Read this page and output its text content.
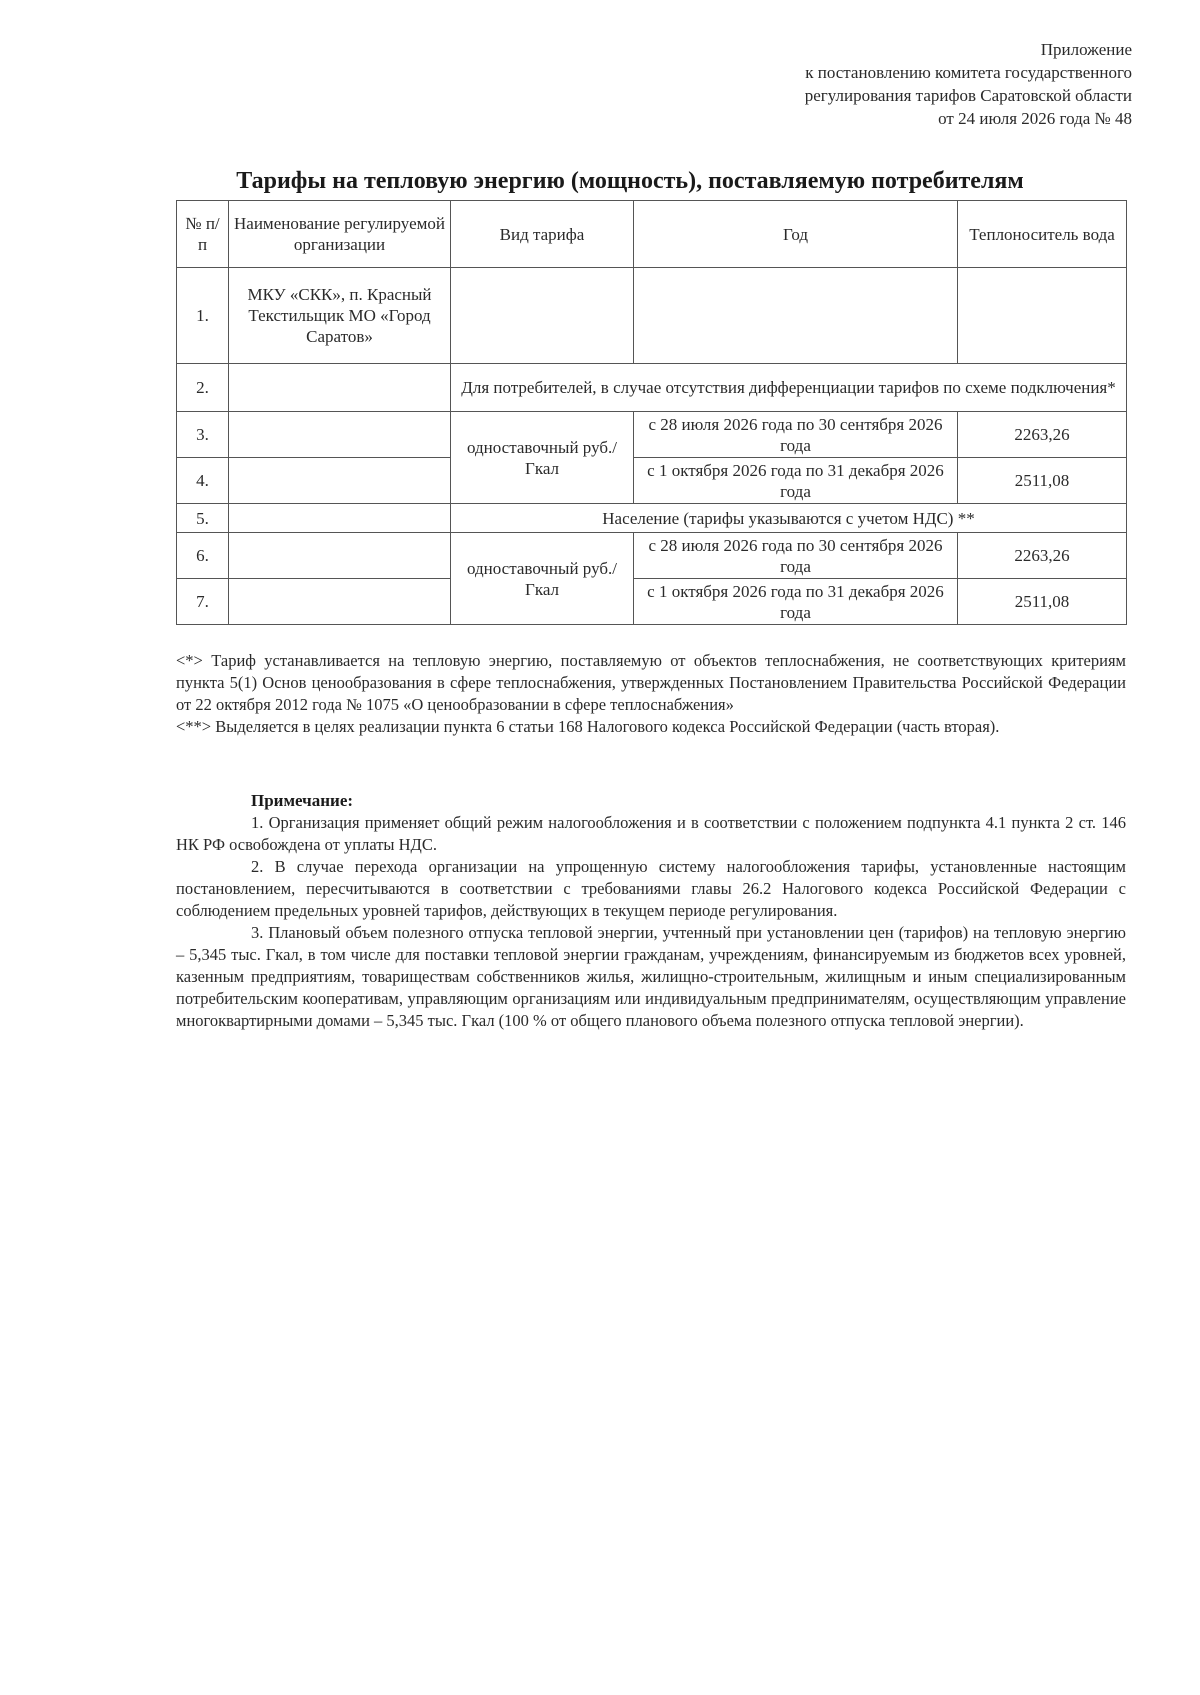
Приложение
к постановлению комитета государственного
регулирования тарифов Саратовской области
от 24 июля 2026 года № 48
Тарифы на тепловую энергию (мощность), поставляемую потребителям
№ п/п	Наименование регулируемой организации	Вид тарифа	Год	Теплоноситель вода
1.	МКУ «СКК», п. Красный Текстильщик МО «Город Саратов»			
2.		Для потребителей, в случае отсутствия дифференциации тарифов по схеме подключения*		
3.		одноставочный руб./Гкал	с 28 июля 2026 года по 30 сентября 2026 года	2263,26
4.			с 1 октября 2026 года по 31 декабря 2026 года	2511,08
5.		Население (тарифы указываются с учетом НДС) **		
6.		одноставочный руб./Гкал	с 28 июля 2026 года по 30 сентября 2026 года	2263,26
7.			с 1 октября 2026 года по 31 декабря 2026 года	2511,08

<*> Тариф устанавливается на тепловую энергию, поставляемую от объектов теплоснабжения, не соответствующих критериям пункта 5(1) Основ ценообразования в сфере теплоснабжения, утвержденных Постановлением Правительства Российской Федерации от 22 октября 2012 года № 1075 «О ценообразовании в сфере теплоснабжения»

<**> Выделяется в целях реализации пункта 6 статьи 168 Налогового кодекса Российской Федерации (часть вторая).

Примечание:

1. Организация применяет общий режим налогообложения и в соответствии с положением подпункта 4.1 пункта 2 ст. 146 НК РФ освобождена от уплаты НДС.

2. В случае перехода организации на упрощенную систему налогообложения тарифы, установленные настоящим постановлением, пересчитываются в соответствии с требованиями главы 26.2 Налогового кодекса Российской Федерации с соблюдением предельных уровней тарифов, действующих в текущем периоде регулирования.

3. Плановый объем полезного отпуска тепловой энергии, учтенный при установлении цен (тарифов) на тепловую энергию – 5,345 тыс. Гкал, в том числе для поставки тепловой энергии гражданам, учреждениям, финансируемым из бюджетов всех уровней, казенным предприятиям, товариществам собственников жилья, жилищно-строительным, жилищным и иным специализированным потребительским кооперативам, управляющим организациям или индивидуальным предпринимателям, осуществляющим управление многоквартирными домами – 5,345 тыс. Гкал (100 % от общего планового объема полезного отпуска тепловой энергии).
